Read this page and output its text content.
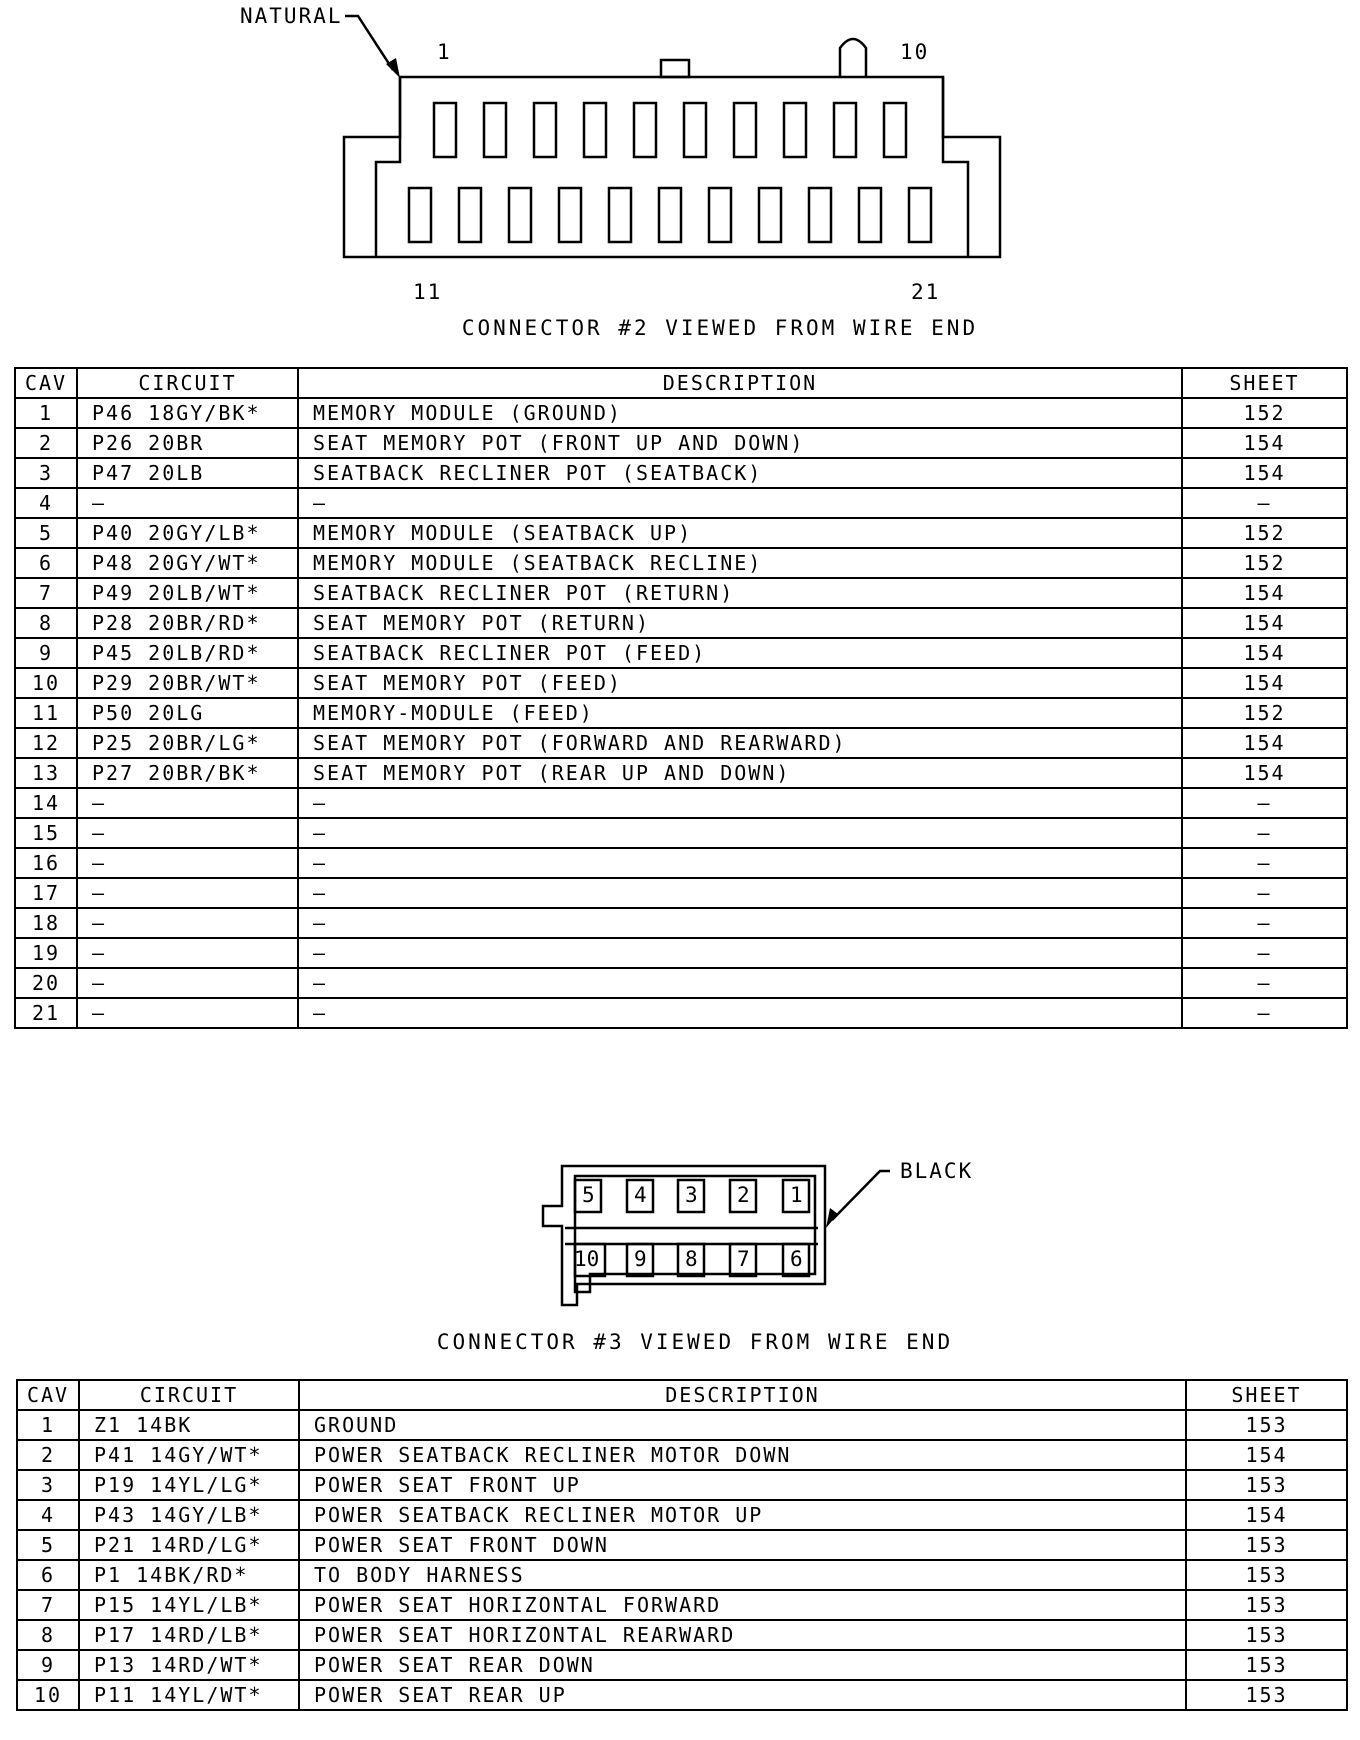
NATURAL
1	10
11	21
CONNECTOR #2 VIEWED FROM WIRE END
CAV	CIRCUIT	DESCRIPTION	SHEET
1	P46 18GY/BK*	MEMORY MODULE (GROUND)	152
2	P26 20BR	SEAT MEMORY POT (FRONT UP AND DOWN)	154
3	P47 20LB	SEATBACK RECLINER POT (SEATBACK)	154
4	—	—	—
5	P40 20GY/LB*	MEMORY MODULE (SEATBACK UP)	152
6	P48 20GY/WT*	MEMORY MODULE (SEATBACK RECLINE)	152
7	P49 20LB/WT*	SEATBACK RECLINER POT (RETURN)	154
8	P28 20BR/RD*	SEAT MEMORY POT (RETURN)	154
9	P45 20LB/RD*	SEATBACK RECLINER POT (FEED)	154
10	P29 20BR/WT*	SEAT MEMORY POT (FEED)	154
11	P50 20LG	MEMORY-MODULE (FEED)	152
12	P25 20BR/LG*	SEAT MEMORY POT (FORWARD AND REARWARD)	154
13	P27 20BR/BK*	SEAT MEMORY POT (REAR UP AND DOWN)	154
14	—	—	—
15	—	—	—
16	—	—	—
17	—	—	—
18	—	—	—
19	—	—	—
20	—	—	—
21	—	—	—
5 4 3 2 1
10 9 8 7 6
BLACK
CONNECTOR #3 VIEWED FROM WIRE END
CAV	CIRCUIT	DESCRIPTION	SHEET
1	Z1 14BK	GROUND	153
2	P41 14GY/WT*	POWER SEATBACK RECLINER MOTOR DOWN	154
3	P19 14YL/LG*	POWER SEAT FRONT UP	153
4	P43 14GY/LB*	POWER SEATBACK RECLINER MOTOR UP	154
5	P21 14RD/LG*	POWER SEAT FRONT DOWN	153
6	P1 14BK/RD*	TO BODY HARNESS	153
7	P15 14YL/LB*	POWER SEAT HORIZONTAL FORWARD	153
8	P17 14RD/LB*	POWER SEAT HORIZONTAL REARWARD	153
9	P13 14RD/WT*	POWER SEAT REAR DOWN	153
10	P11 14YL/WT*	POWER SEAT REAR UP	153
